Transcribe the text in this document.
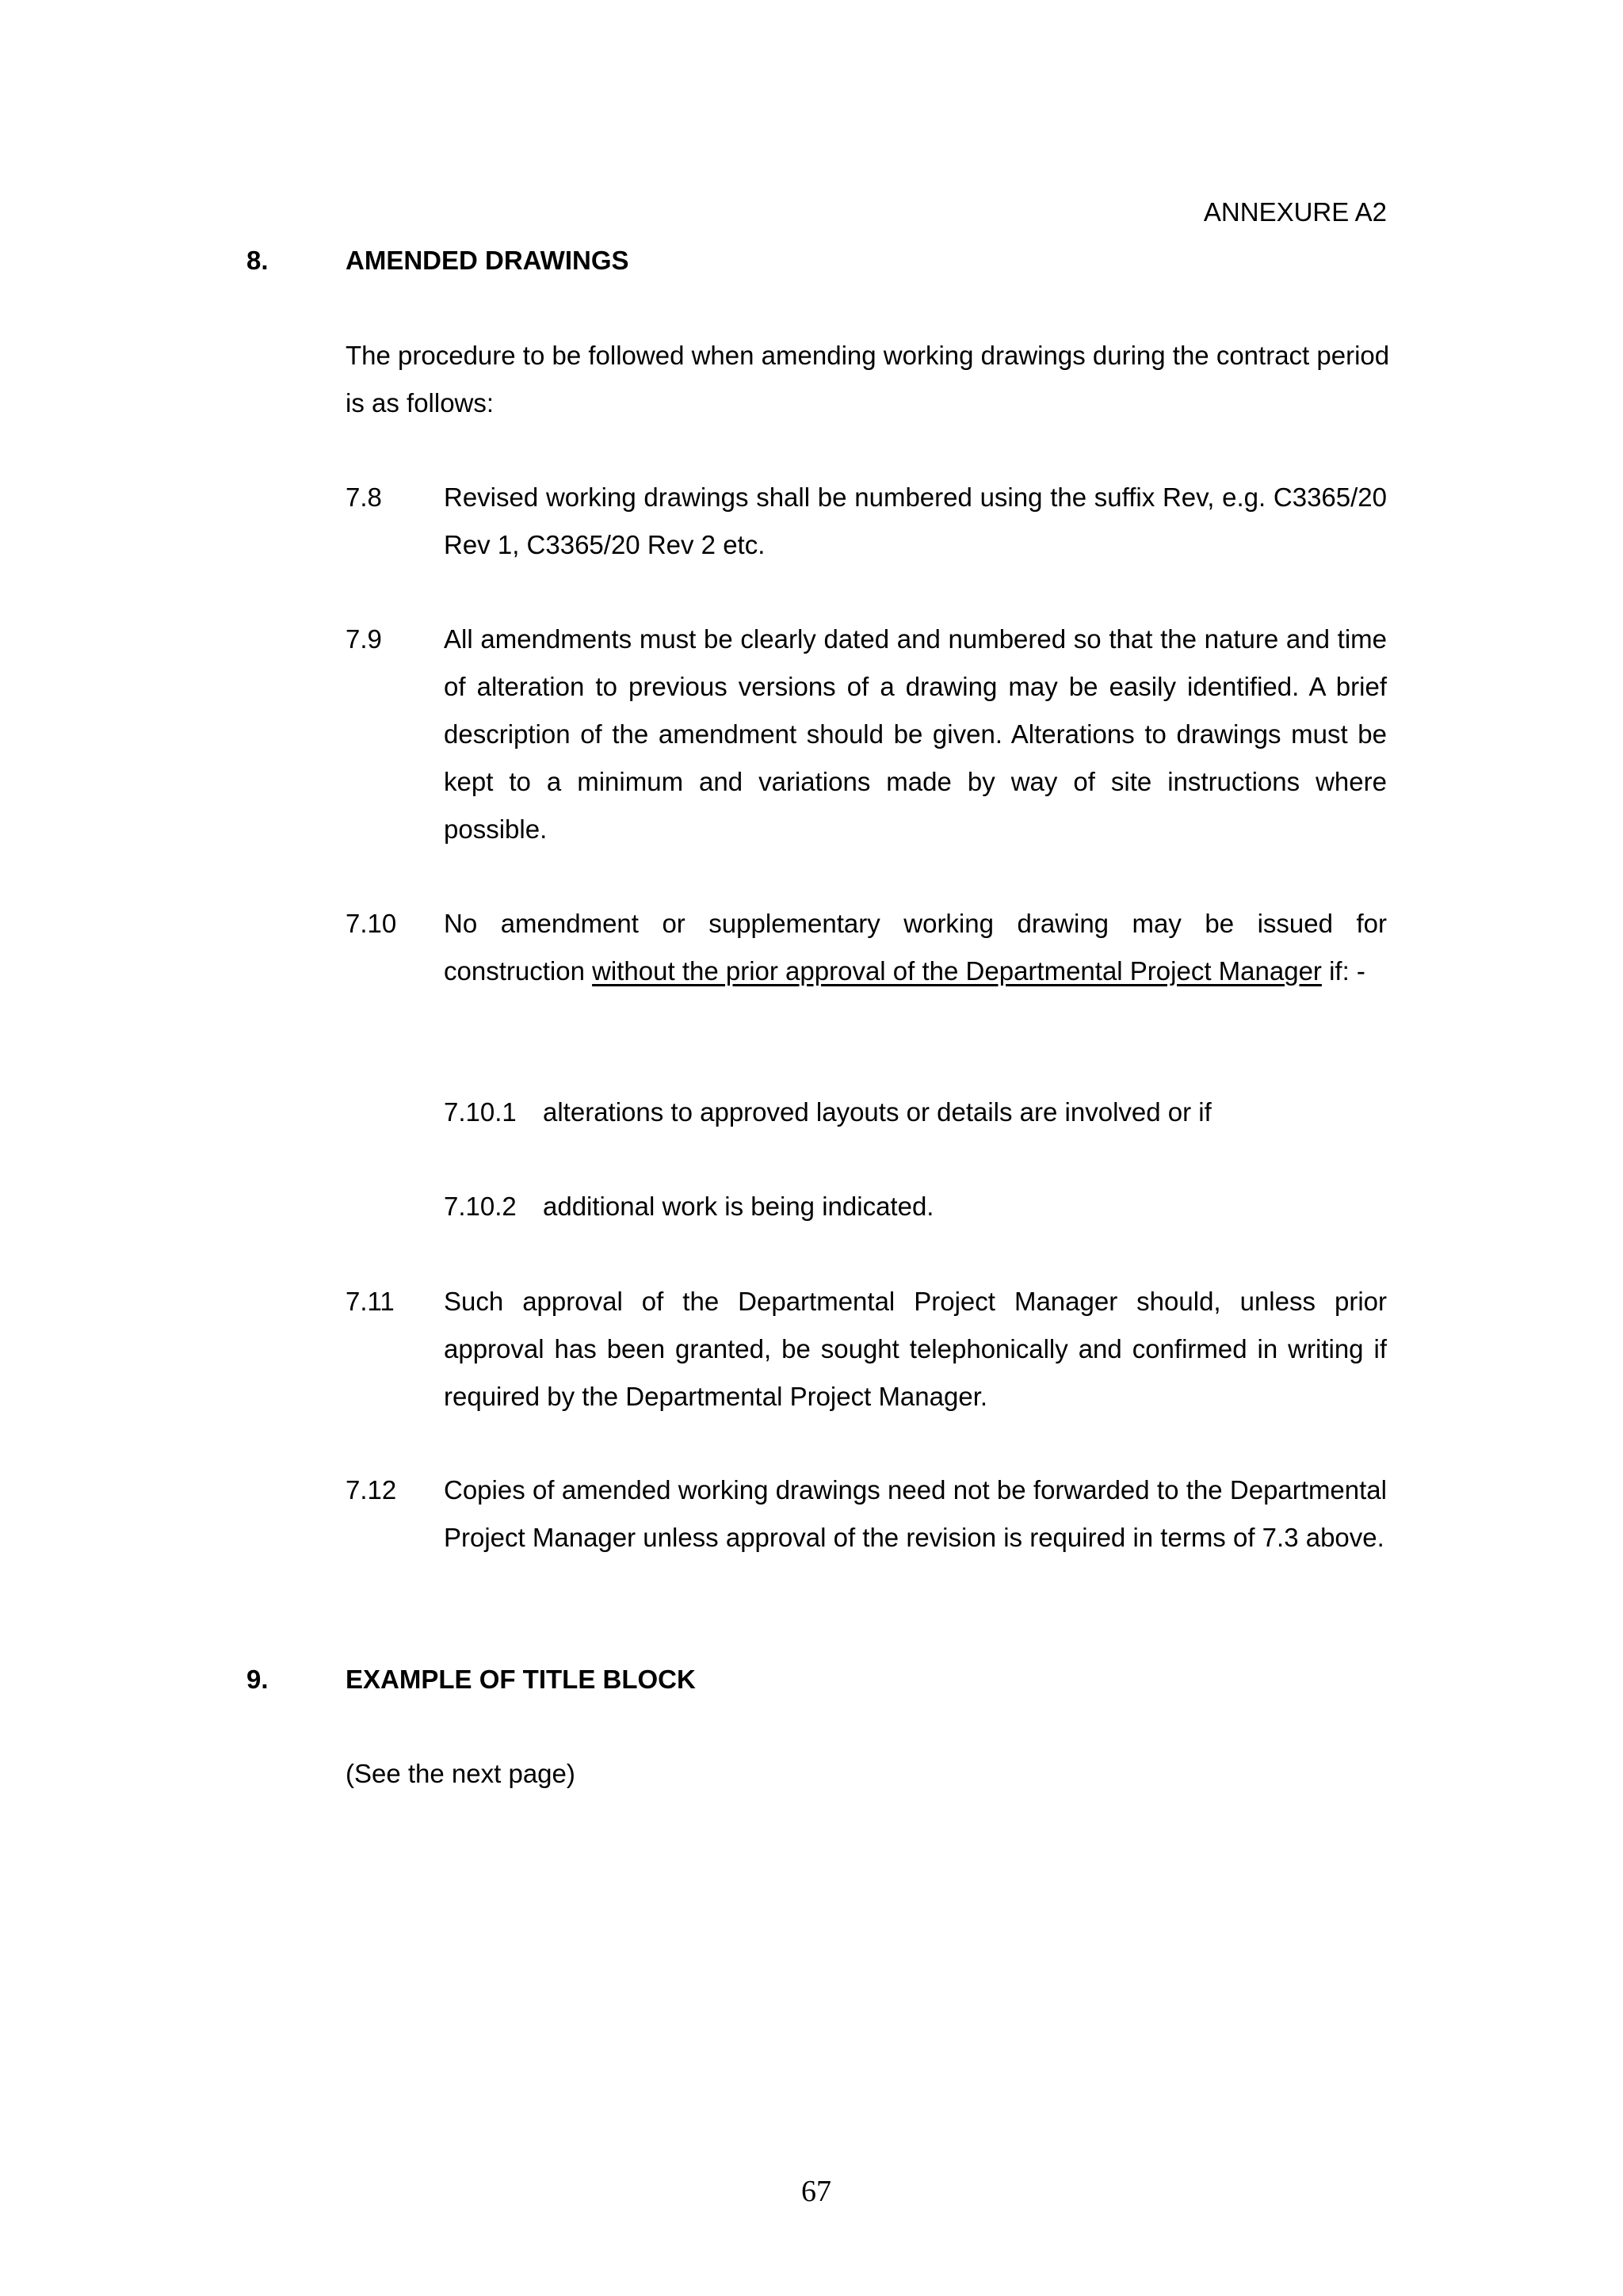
ANNEXURE A2
8.	AMENDED DRAWINGS
The procedure to be followed when amending working drawings during the contract period is as follows:
7.8 Revised working drawings shall be numbered using the suffix Rev, e.g. C3365/20 Rev 1, C3365/20 Rev 2 etc.
7.9 All amendments must be clearly dated and numbered so that the nature and time of alteration to previous versions of a drawing may be easily identified. A brief description of the amendment should be given. Alterations to drawings must be kept to a minimum and variations made by way of site instructions where possible.
7.10 No amendment or supplementary working drawing may be issued for construction without the prior approval of the Departmental Project Manager if: -
7.10.1 alterations to approved layouts or details are involved or if
7.10.2 additional work is being indicated.
7.11 Such approval of the Departmental Project Manager should, unless prior approval has been granted, be sought telephonically and confirmed in writing if required by the Departmental Project Manager.
7.12 Copies of amended working drawings need not be forwarded to the Departmental Project Manager unless approval of the revision is required in terms of 7.3 above.
9.	EXAMPLE OF TITLE BLOCK
(See the next page)
67
